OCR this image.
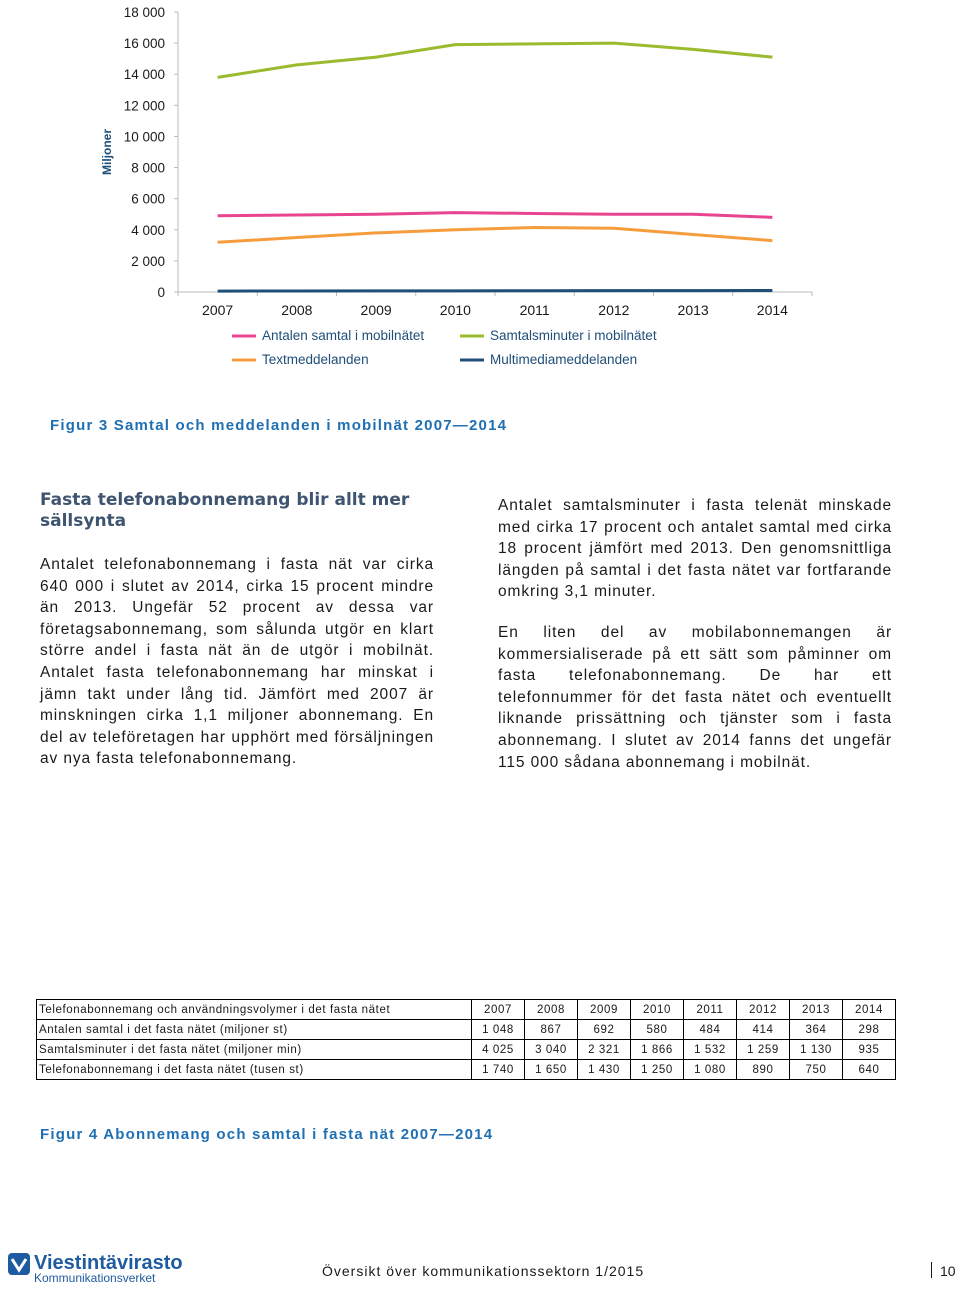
0
2 000
4 000
6 000
8 000
10 000
12 000
14 000
16 000
18 000
Miljoner
2007	2008	2009	2010	2011	2012	2013	2014
Antalen samtal i mobilnätet	Samtalsminuter i mobilnätet
Textmeddelanden	Multimediameddelanden
Figur 3 Samtal och meddelanden i mobilnät 2007—2014
Fasta telefonabonnemang blir allt mer sällsynta

Antalet telefonabonnemang i fasta nät var cirka 640 000 i slutet av 2014, cirka 15 procent mindre än 2013. Ungefär 52 procent av dessa var företagsabonnemang, som sålunda utgör en klart större andel i fasta nät än de utgör i mobilnät. Antalet fasta telefonabonnemang har minskat i jämn takt under lång tid. Jämfört med 2007 är minskningen cirka 1,1 miljoner abonnemang. En del av teleföretagen har upphört med försäljningen av nya fasta telefonabonnemang.

Antalet samtalsminuter i fasta telenät minskade med cirka 17 procent och antalet samtal med cirka 18 procent jämfört med 2013. Den genomsnittliga längden på samtal i det fasta nätet var fortfarande omkring 3,1 minuter.

En liten del av mobilabonnemangen är kommersialiserade på ett sätt som påminner om fasta telefonabonnemang. De har ett telefonnummer för det fasta nätet och eventuellt liknande prissättning och tjänster som i fasta abonnemang. I slutet av 2014 fanns det ungefär 115 000 sådana abonnemang i mobilnät.

Telefonabonnemang och användningsvolymer i det fasta nätet	2007	2008	2009	2010	2011	2012	2013	2014
Antalen samtal i det fasta nätet (miljoner st)	1 048	867	692	580	484	414	364	298
Samtalsminuter i det fasta nätet (miljoner min)	4 025	3 040	2 321	1 866	1 532	1 259	1 130	935
Telefonabonnemang i det fasta nätet (tusen st)	1 740	1 650	1 430	1 250	1 080	890	750	640
Figur 4 Abonnemang och samtal i fasta nät 2007—2014
Viestintävirasto
Kommunikationsverket	Översikt över kommunikationssektorn 1/2015	10
